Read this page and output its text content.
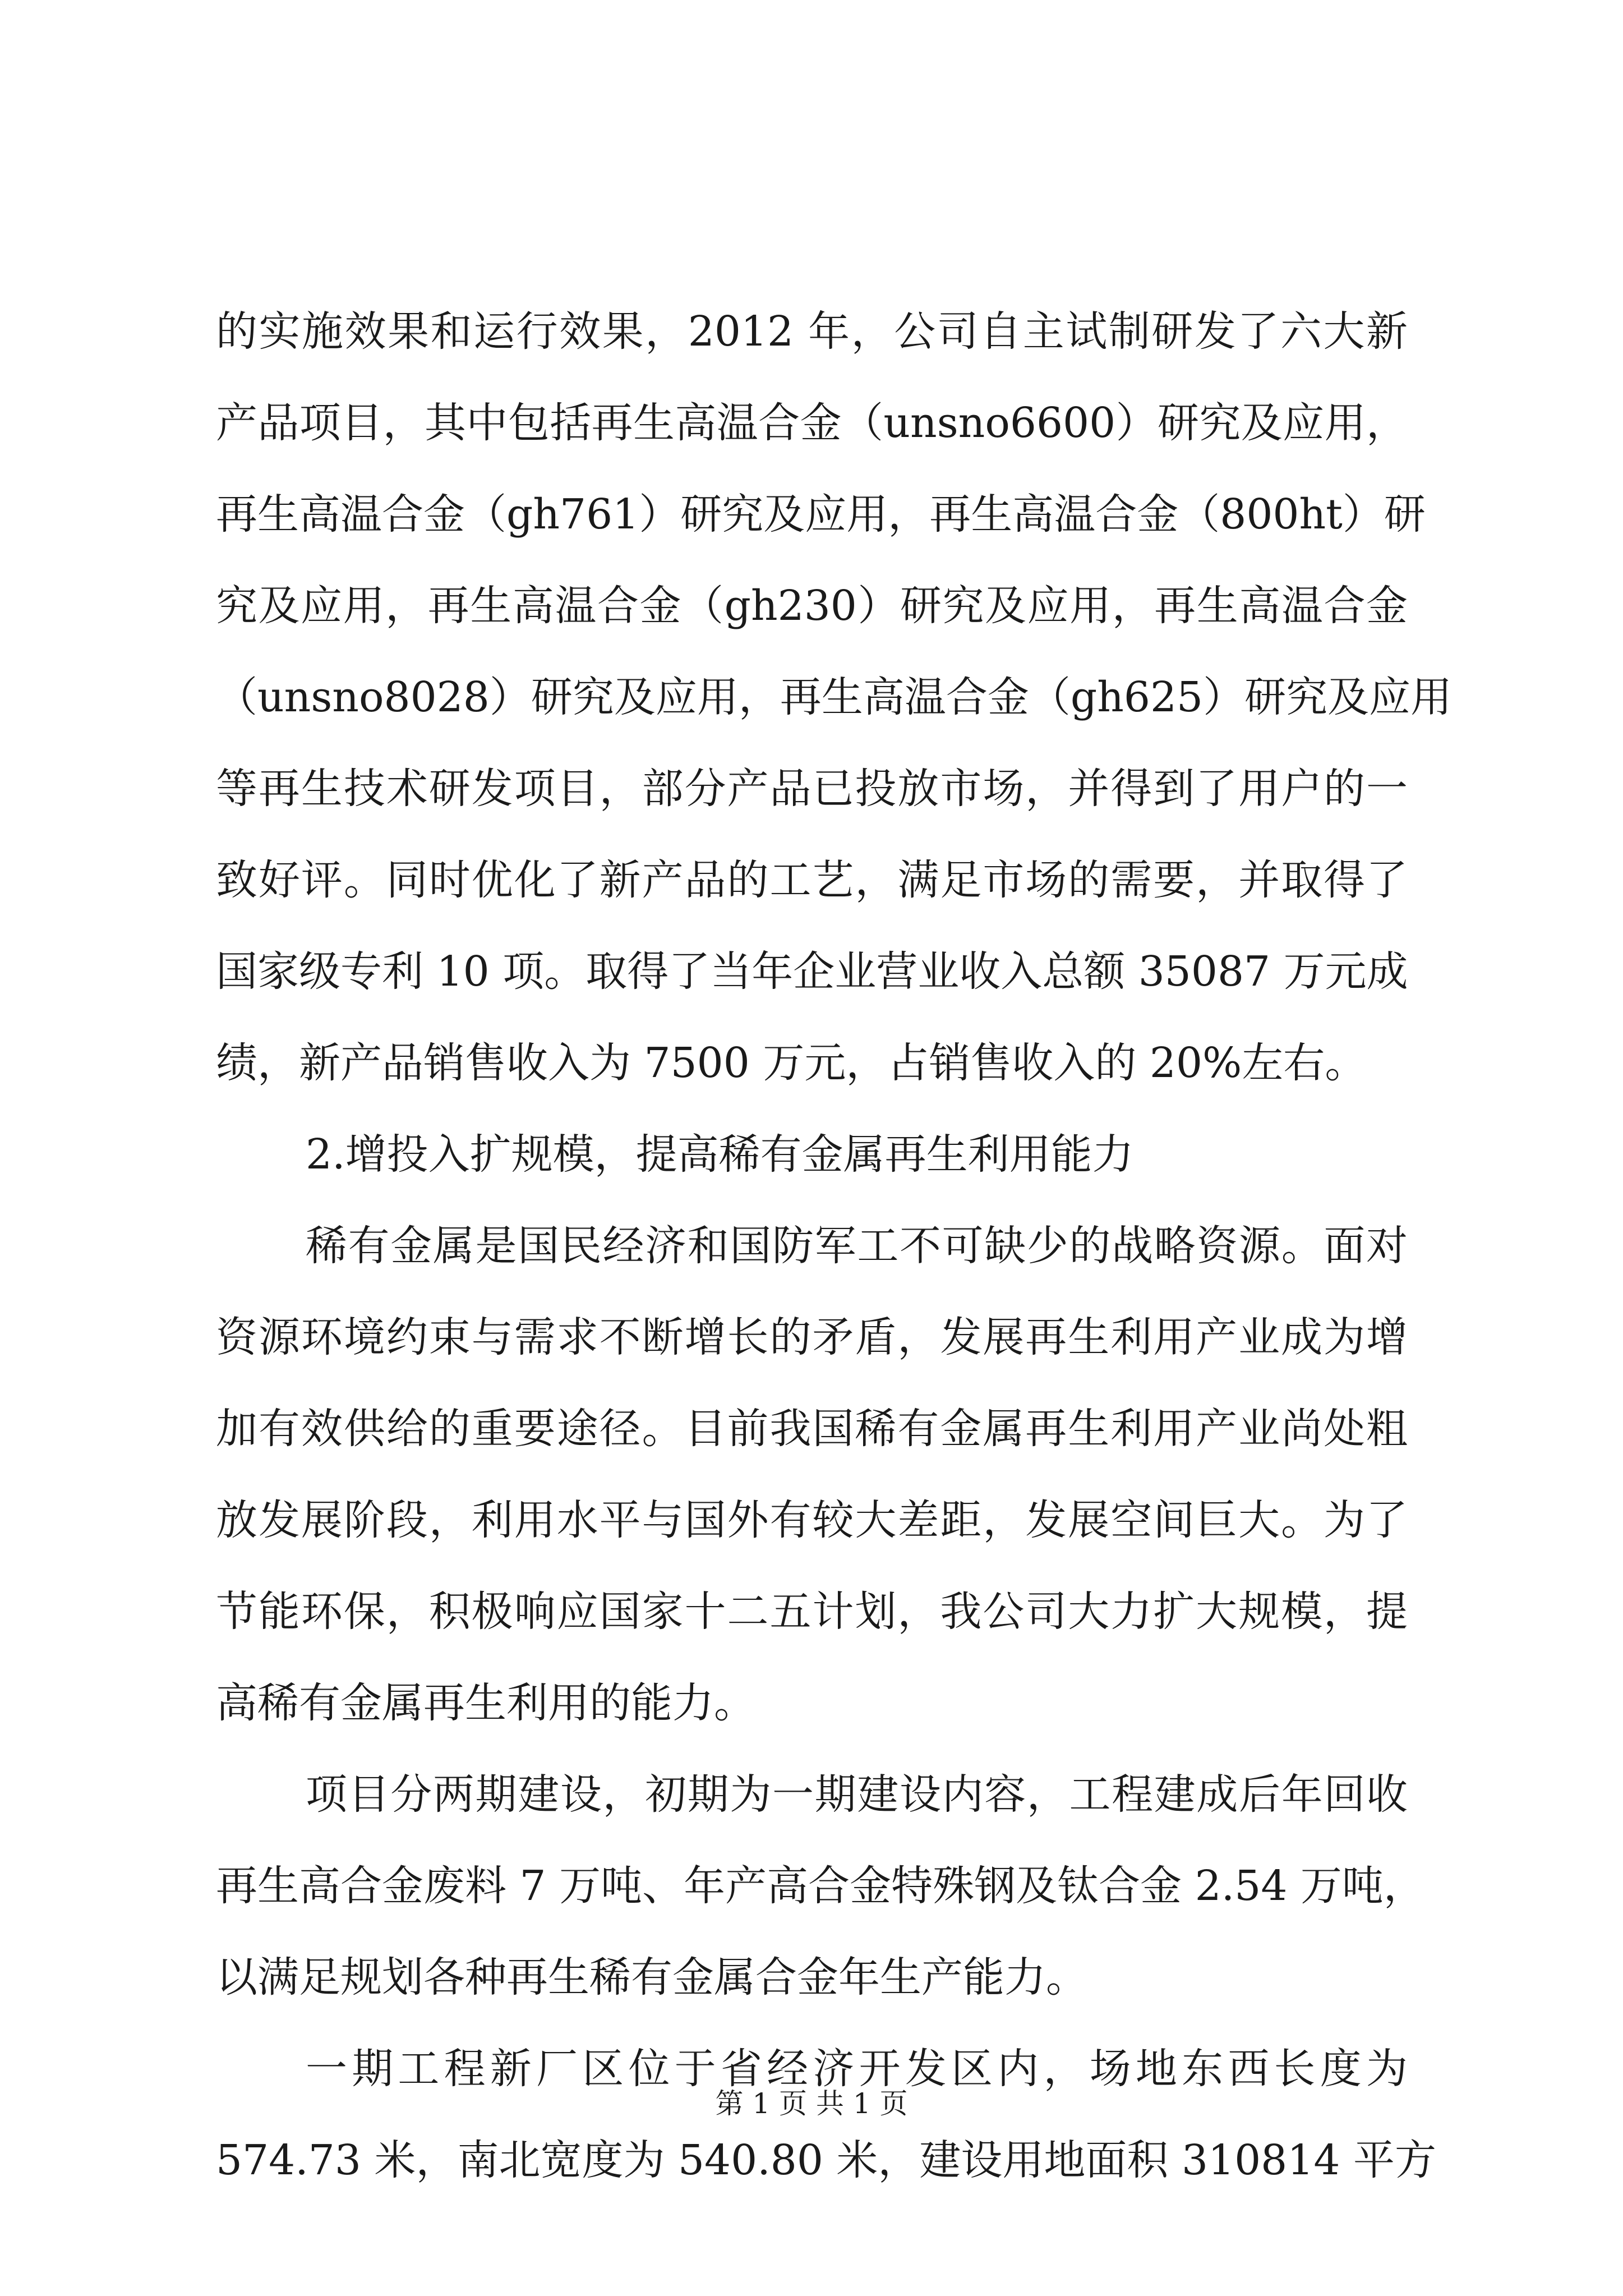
的实施效果和运行效果，2012 年，公司自主试制研发了六大新
产品项目，其中包括再生高温合金（unsno6600）研究及应用，
再生高温合金（gh761）研究及应用，再生高温合金（800ht）研
究及应用，再生高温合金（gh230）研究及应用，再生高温合金
（unsno8028）研究及应用，再生高温合金（gh625）研究及应用
等再生技术研发项目，部分产品已投放市场，并得到了用户的一
致好评。同时优化了新产品的工艺，满足市场的需要，并取得了
国家级专利 10 项。取得了当年企业营业收入总额 35087 万元成
绩，新产品销售收入为 7500 万元，占销售收入的 20%左右。
2.增投入扩规模，提高稀有金属再生利用能力
稀有金属是国民经济和国防军工不可缺少的战略资源。面对
资源环境约束与需求不断增长的矛盾，发展再生利用产业成为增
加有效供给的重要途径。目前我国稀有金属再生利用产业尚处粗
放发展阶段，利用水平与国外有较大差距，发展空间巨大。为了
节能环保，积极响应国家十二五计划，我公司大力扩大规模，提
高稀有金属再生利用的能力。
项目分两期建设，初期为一期建设内容，工程建成后年回收
再生高合金废料 7 万吨、年产高合金特殊钢及钛合金 2.54 万吨，
以满足规划各种再生稀有金属合金年生产能力。
一期工程新厂区位于省经济开发区内，场地东西长度为
574.73 米，南北宽度为 540.80 米，建设用地面积 310814 平方
第 1 页 共 1 页
